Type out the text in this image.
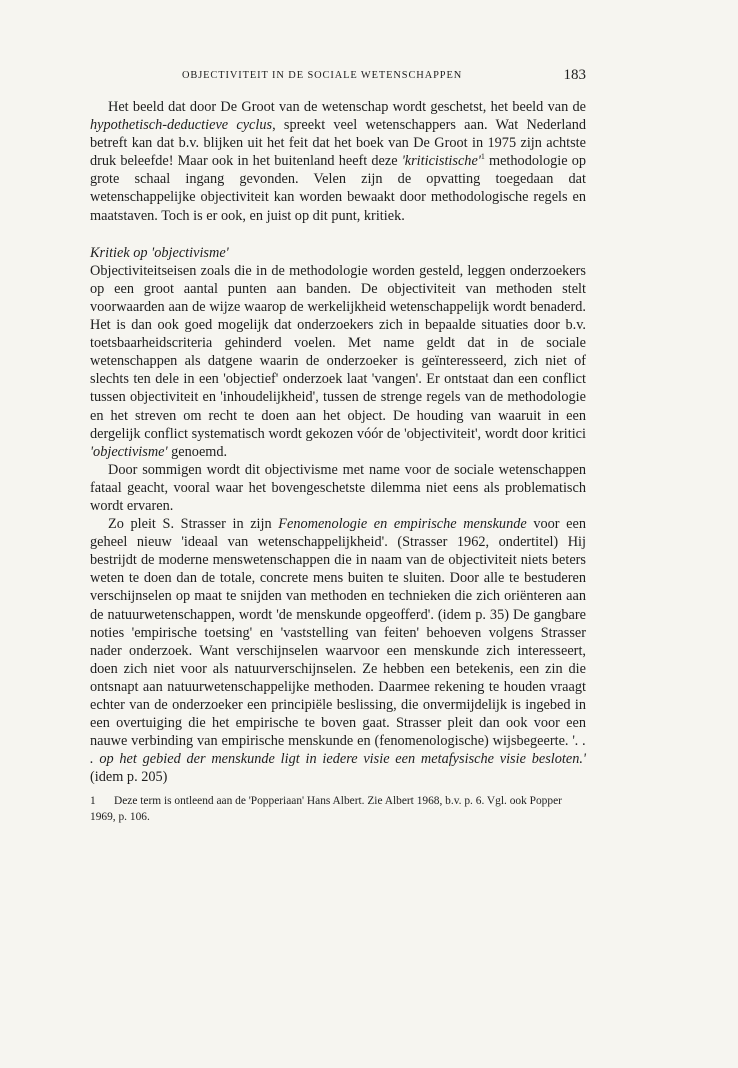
OBJECTIVITEIT IN DE SOCIALE WETENSCHAPPEN	183

Het beeld dat door De Groot van de wetenschap wordt geschetst, het beeld van de hypothetisch-deductieve cyclus, spreekt veel wetenschappers aan. Wat Nederland betreft kan dat b.v. blijken uit het feit dat het boek van De Groot in 1975 zijn achtste druk beleefde! Maar ook in het buitenland heeft deze '$kriticistische'^1$ methodologie op grote schaal ingang gevonden. Velen zijn de opvatting toegedaan dat wetenschappelijke objectiviteit kan worden bewaakt door methodologische regels en maatstaven. Toch is er ook, en juist op dit punt, kritiek.

Kritiek op 'objectivisme'

Objectiviteitseisen zoals die in de methodologie worden gesteld, leggen onderzoekers op een groot aantal punten aan banden. De objectiviteit van methoden stelt voorwaarden aan de wijze waarop de werkelijkheid wetenschappelijk wordt benaderd. Het is dan ook goed mogelijk dat onderzoekers zich in bepaalde situaties door b.v. toetsbaarheidscriteria gehinderd voelen. Met name geldt dat in de sociale wetenschappen als datgene waarin de onderzoeker is geïnteresseerd, zich niet of slechts ten dele in een 'objectief' onderzoek laat 'vangen'. Er ontstaat dan een conflict tussen objectiviteit en 'inhoudelijkheid', tussen de strenge regels van de methodologie en het streven om recht te doen aan het object. De houding van waaruit in een dergelijk conflict systematisch wordt gekozen vóór de 'objectiviteit', wordt door kritici 'objectivisme' genoemd.

Door sommigen wordt dit objectivisme met name voor de sociale wetenschappen fataal geacht, vooral waar het bovengeschetste dilemma niet eens als problematisch wordt ervaren.

Zo pleit S. Strasser in zijn Fenomenologie en empirische menskunde voor een geheel nieuw 'ideaal van wetenschappelijkheid'. (Strasser 1962, ondertitel) Hij bestrijdt de moderne menswetenschappen die in naam van de objectiviteit niets beters weten te doen dan de totale, concrete mens buiten te sluiten. Door alle te bestuderen verschijnselen op maat te snijden van methoden en technieken die zich oriënteren aan de natuurwetenschappen, wordt 'de menskunde opgeofferd'. (idem p. 35) De gangbare noties 'empirische toetsing' en 'vaststelling van feiten' behoeven volgens Strasser nader onderzoek. Want verschijnselen waarvoor een menskunde zich interesseert, doen zich niet voor als natuurverschijnselen. Ze hebben een betekenis, een zin die ontsnapt aan natuurwetenschappelijke methoden. Daarmee rekening te houden vraagt echter van de onderzoeker een principiële beslissing, die onvermijdelijk is ingebed in een overtuiging die het empirische te boven gaat. Strasser pleit dan ook voor een nauwe verbinding van empirische menskunde en (fenomenologische) wijsbegeerte. '. . . op het gebied der menskunde ligt in iedere visie een metafysische visie besloten.' (idem p. 205)

1 Deze term is ontleend aan de 'Popperiaan' Hans Albert. Zie Albert 1968, b.v. p. 6. Vgl. ook Popper 1969, p. 106.
